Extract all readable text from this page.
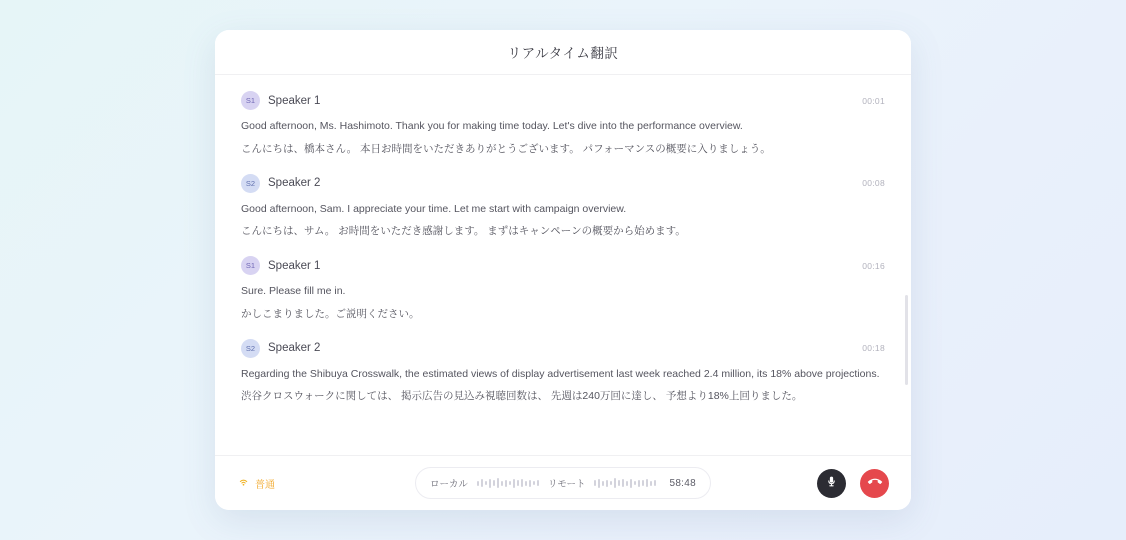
リアルタイム翻訳
S1	Speaker 1	00:01

Good afternoon, Ms. Hashimoto. Thank you for making time today. Let's dive into the performance overview.

こんにちは、橋本さん。 本日お時間をいただきありがとうございます。 パフォーマンスの概要に入りましょう。

S2	Speaker 2	00:08

Good afternoon, Sam. I appreciate your time. Let me start with campaign overview.

こんにちは、サム。 お時間をいただき感謝します。 まずはキャンペーンの概要から始めます。

S1	Speaker 1	00:16

Sure. Please fill me in.

かしこまりました。ご説明ください。

S2	Speaker 2	00:18

Regarding the Shibuya Crosswalk, the estimated views of display advertisement last week reached 2.4 million, its 18% above projections.

渋谷クロスウォークに関しては、 掲示広告の見込み視聴回数は、 先週は240万回に達し、 予想より18%上回りました。

普通	ローカル	リモート	58:48
